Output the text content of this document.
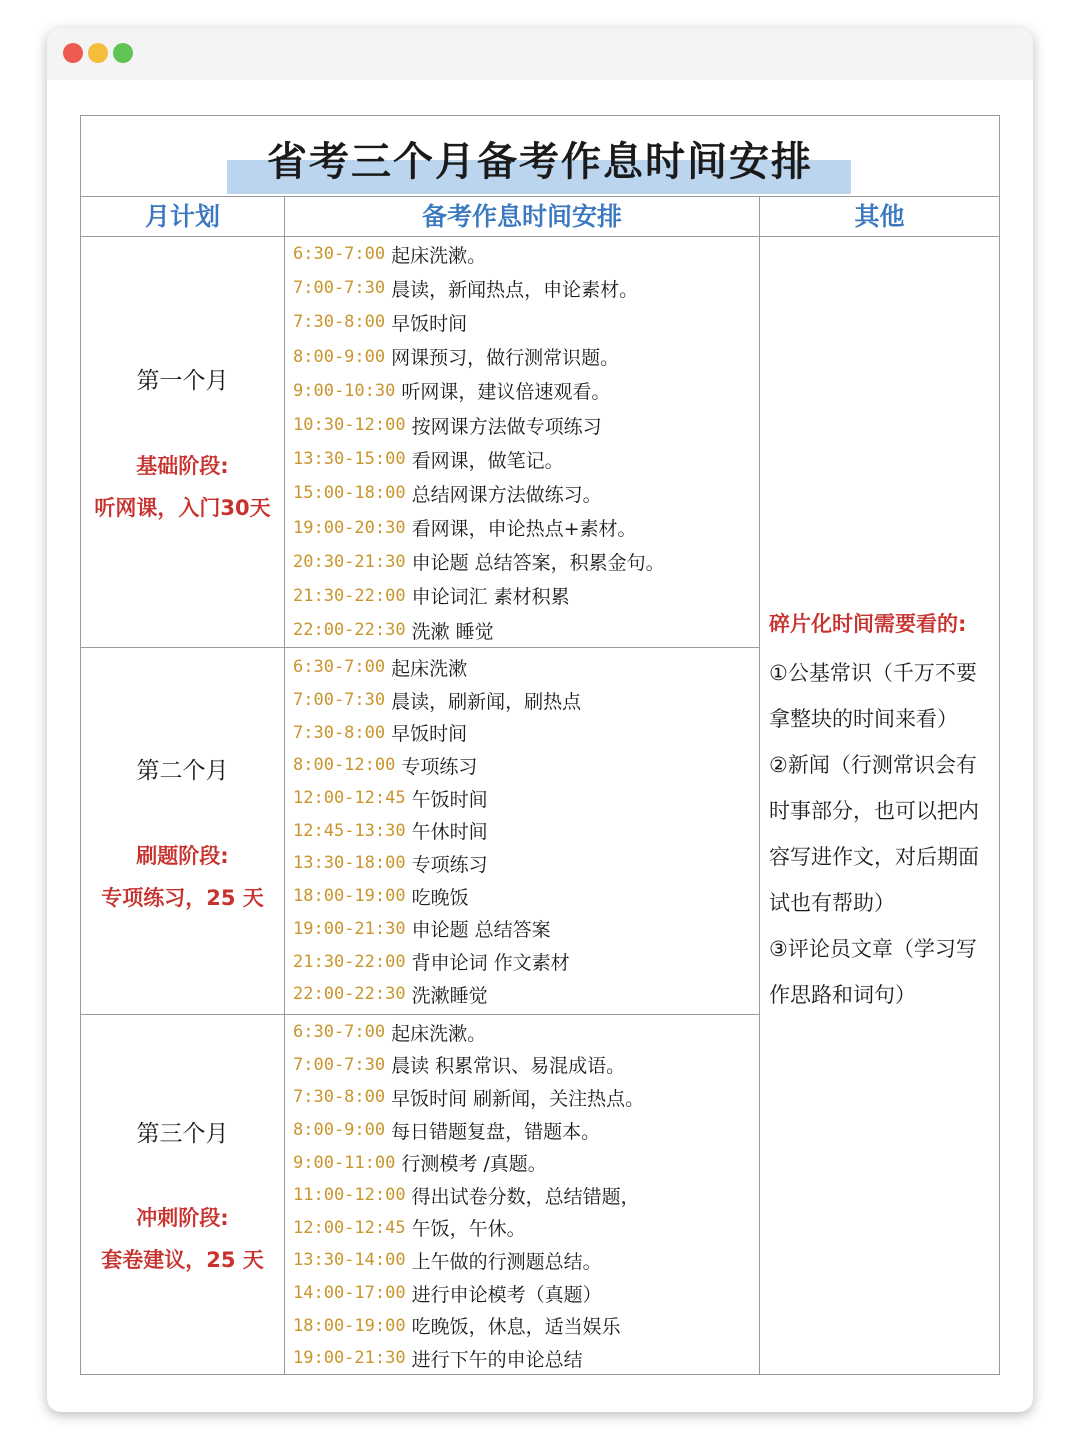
省考三个月备考作息时间安排
月计划	备考作息时间安排	其他
第一个月
基础阶段:
听网课，入门30天
6:30-7:00 起床洗漱。
7:00-7:30 晨读，新闻热点，申论素材。
7:30-8:00 早饭时间
8:00-9:00 网课预习，做行测常识题。
9:00-10:30 听网课，建议倍速观看。
10:30-12:00 按网课方法做专项练习
13:30-15:00 看网课，做笔记。
15:00-18:00 总结网课方法做练习。
19:00-20:30 看网课，申论热点+素材。
20:30-21:30 申论题 总结答案，积累金句。
21:30-22:00 申论词汇 素材积累
22:00-22:30 洗漱 睡觉
第二个月
刷题阶段:
专项练习，25 天
6:30-7:00 起床洗漱
7:00-7:30 晨读，刷新闻，刷热点
7:30-8:00 早饭时间
8:00-12:00 专项练习
12:00-12:45 午饭时间
12:45-13:30 午休时间
13:30-18:00 专项练习
18:00-19:00 吃晚饭
19:00-21:30 申论题 总结答案
21:30-22:00 背申论词 作文素材
22:00-22:30 洗漱睡觉
第三个月
冲刺阶段:
套卷建议，25 天
6:30-7:00 起床洗漱。
7:00-7:30 晨读 积累常识、易混成语。
7:30-8:00 早饭时间 刷新闻，关注热点。
8:00-9:00 每日错题复盘，错题本。
9:00-11:00 行测模考 /真题。
11:00-12:00 得出试卷分数，总结错题，
12:00-12:45 午饭，午休。
13:30-14:00 上午做的行测题总结。
14:00-17:00 进行申论模考（真题）
18:00-19:00 吃晚饭，休息，适当娱乐
19:00-21:30 进行下午的申论总结
碎片化时间需要看的:
①公基常识（千万不要
拿整块的时间来看）
②新闻（行测常识会有
时事部分，也可以把内
容写进作文，对后期面
试也有帮助）
③评论员文章（学习写
作思路和词句）
